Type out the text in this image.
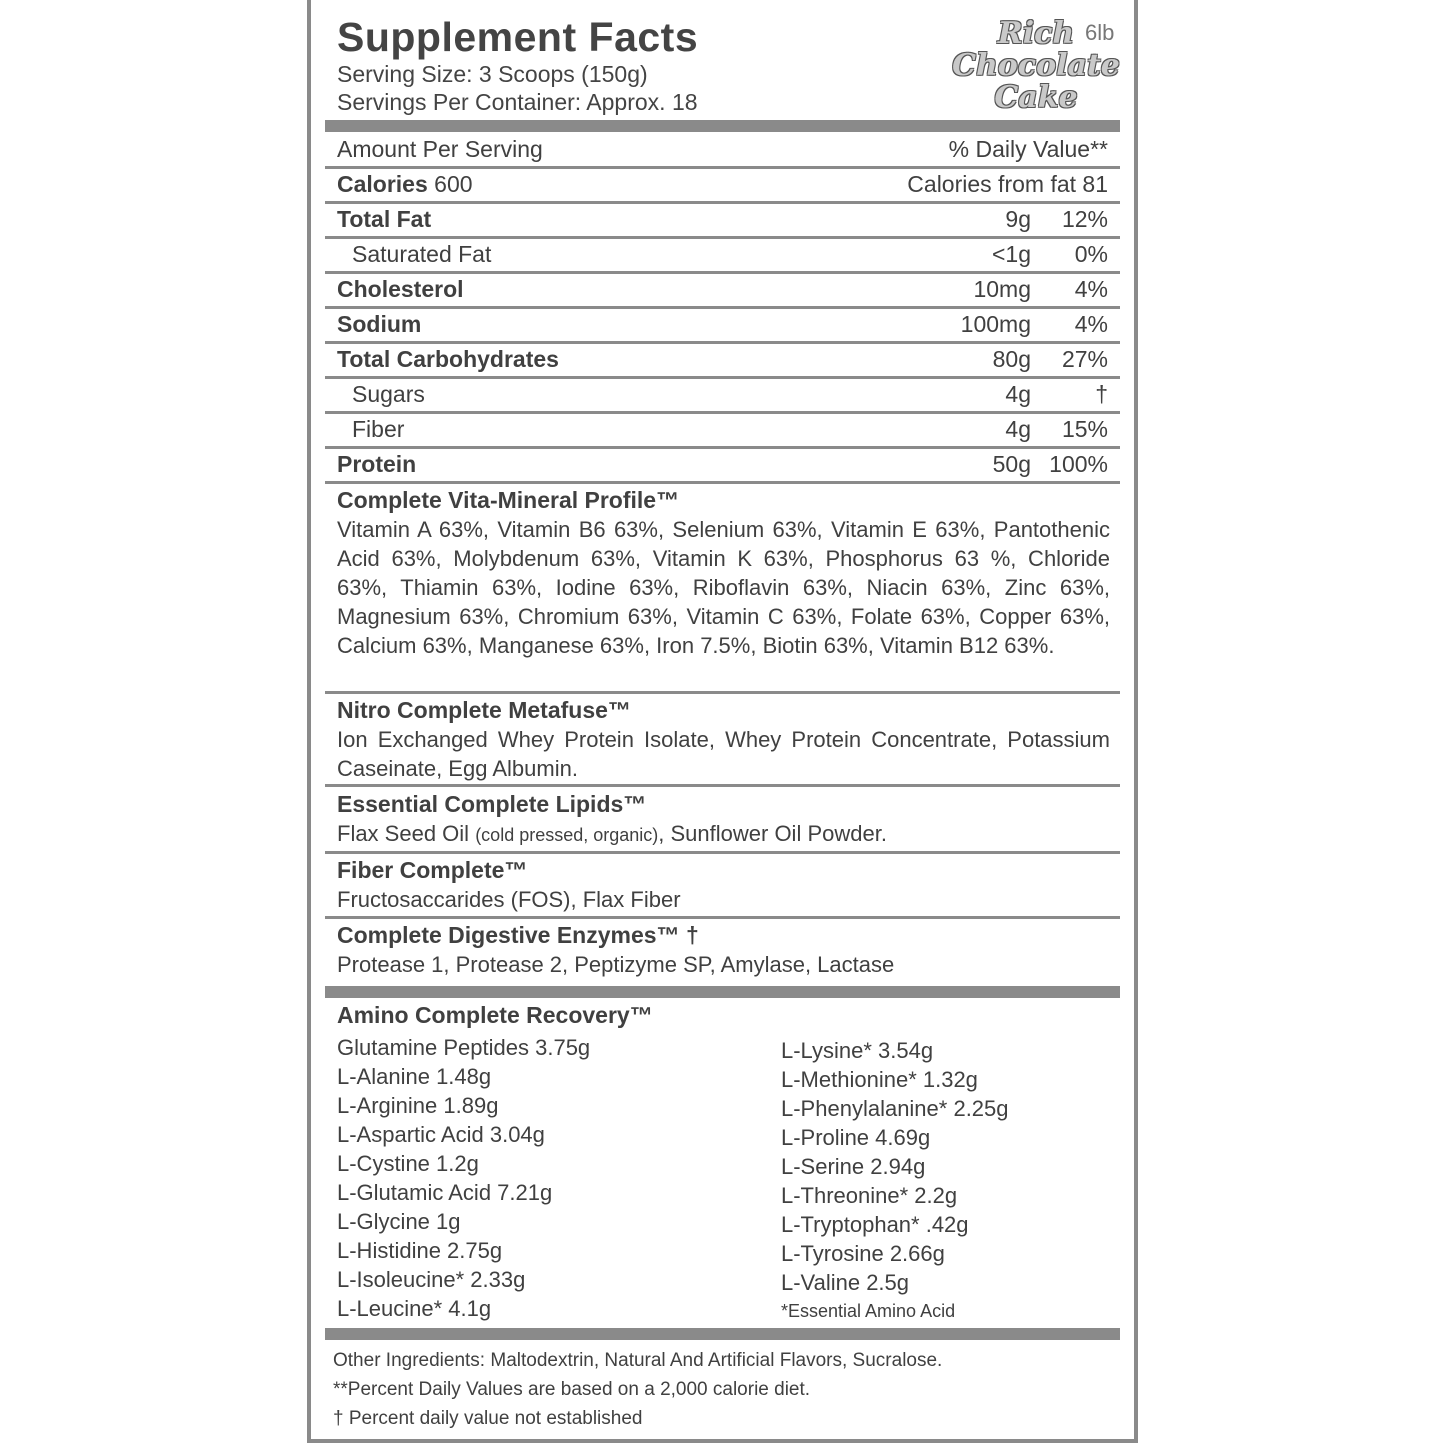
Supplement Facts
Serving Size: 3 Scoops (150g)
Servings Per Container: Approx. 18
Rich
Chocolate
Cake
6lb
Amount Per Serving	% Daily Value**
Calories 600	Calories from fat 81
Total Fat	9g 12%
Saturated Fat	<1g 0%
Cholesterol	10mg 4%
Sodium	100mg 4%
Total Carbohydrates	80g 27%
Sugars	4g	†
Fiber	4g 15%
Protein	50g 100%
Complete Vita-Mineral Profile™

Vitamin A 63%, Vitamin B6 63%, Selenium 63%, Vitamin E 63%, Pantothenic Acid 63%, Molybdenum 63%, Vitamin K 63%, Phosphorus 63 %, Chloride 63%, Thiamin 63%, Iodine 63%, Riboflavin 63%, Niacin 63%, Zinc 63%, Magnesium 63%, Chromium 63%, Vitamin C 63%, Folate 63%, Copper 63%, Calcium 63%, Manganese 63%, Iron 7.5%, Biotin 63%, Vitamin B12 63%.

Nitro Complete Metafuse™

Ion Exchanged Whey Protein Isolate, Whey Protein Concentrate, Potassium Caseinate, Egg Albumin.

Essential Complete Lipids™

Flax Seed Oil (cold pressed, organic), Sunflower Oil Powder.

Fiber Complete™

Fructosaccarides (FOS), Flax Fiber

Complete Digestive Enzymes™ †

Protease 1, Protease 2, Peptizyme SP, Amylase, Lactase

Amino Complete Recovery™
Glutamine Peptides 3.75g
L-Alanine 1.48g
L-Arginine 1.89g
L-Aspartic Acid 3.04g
L-Cystine 1.2g
L-Glutamic Acid 7.21g
L-Glycine 1g
L-Histidine 2.75g
L-Isoleucine* 2.33g
L-Leucine* 4.1g
L-Lysine* 3.54g
L-Methionine* 1.32g
L-Phenylalanine* 2.25g
L-Proline 4.69g
L-Serine 2.94g
L-Threonine* 2.2g
L-Tryptophan* .42g
L-Tyrosine 2.66g
L-Valine 2.5g
*Essential Amino Acid
Other Ingredients: Maltodextrin, Natural And Artificial Flavors, Sucralose.
**Percent Daily Values are based on a 2,000 calorie diet.
† Percent daily value not established
